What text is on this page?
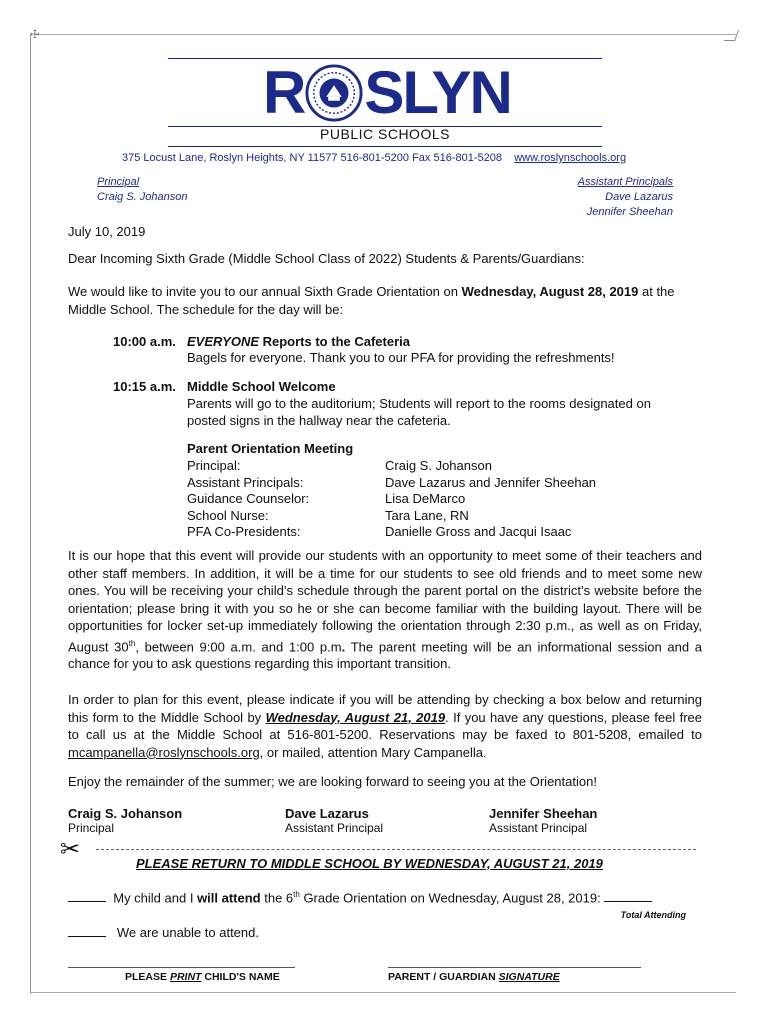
☩
R SLYN
PUBLIC SCHOOLS
375 Locust Lane, Roslyn Heights, NY 11577 516-801-5200 Fax 516-801-5208 www.roslynschools.org
Principal
Craig S. Johanson
Assistant Principals
Dave Lazarus
Jennifer Sheehan
July 10, 2019
Dear Incoming Sixth Grade (Middle School Class of 2022) Students & Parents/Guardians:
We would like to invite you to our annual Sixth Grade Orientation on Wednesday, August 28, 2019 at the Middle School. The schedule for the day will be:
10:00 a.m. EVERYONE Reports to the Cafeteria
Bagels for everyone. Thank you to our PFA for providing the refreshments!
10:15 a.m. Middle School Welcome
Parents will go to the auditorium; Students will report to the rooms designated on posted signs in the hallway near the cafeteria.
Parent Orientation Meeting
Principal:	Craig S. Johanson
Assistant Principals:	Dave Lazarus and Jennifer Sheehan
Guidance Counselor:	Lisa DeMarco
School Nurse:	Tara Lane, RN
PFA Co-Presidents:	Danielle Gross and Jacqui Isaac
It is our hope that this event will provide our students with an opportunity to meet some of their teachers and other staff members. In addition, it will be a time for our students to see old friends and to meet some new ones. You will be receiving your child’s schedule through the parent portal on the district’s website before the orientation; please bring it with you so he or she can become familiar with the building layout. There will be opportunities for locker set-up immediately following the orientation through 2:30 p.m., as well as on Friday, August 30th, between 9:00 a.m. and 1:00 p.m. The parent meeting will be an informational session and a chance for you to ask questions regarding this important transition.
In order to plan for this event, please indicate if you will be attending by checking a box below and returning this form to the Middle School by Wednesday, August 21, 2019. If you have any questions, please feel free to call us at the Middle School at 516-801-5200. Reservations may be faxed to 801-5208, emailed to mcampanella@roslynschools.org, or mailed, attention Mary Campanella.
Enjoy the remainder of the summer; we are looking forward to seeing you at the Orientation!
Craig S. Johanson
Principal
Dave Lazarus
Assistant Principal
Jennifer Sheehan
Assistant Principal
✂
PLEASE RETURN TO MIDDLE SCHOOL BY WEDNESDAY, AUGUST 21, 2019
My child and I will attend the 6th Grade Orientation on Wednesday, August 28, 2019:
Total Attending
We are unable to attend.
PLEASE PRINT CHILD'S NAME	PARENT / GUARDIAN SIGNATURE
